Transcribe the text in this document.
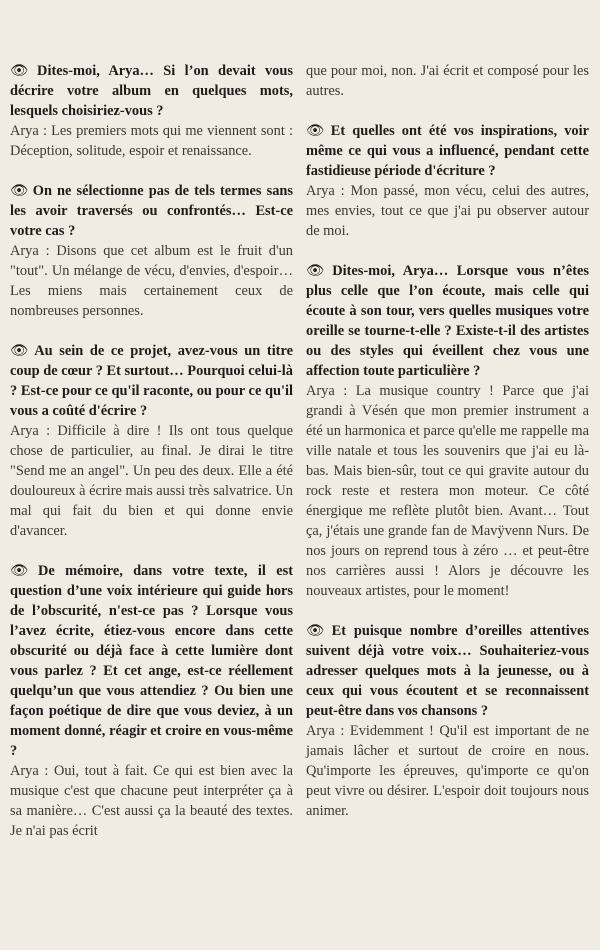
👁 Dites-moi, Arya… Si l’on devait vous décrire votre album en quelques mots, lesquels choisiriez-vous ?

Arya : Les premiers mots qui me viennent sont : Déception, solitude, espoir et renaissance.

👁 On ne sélectionne pas de tels termes sans les avoir traversés ou confrontés… Est-ce votre cas ?

Arya : Disons que cet album est le fruit d'un "tout". Un mélange de vécu, d'envies, d'espoir… Les miens mais certainement ceux de nombreuses personnes.

👁 Au sein de ce projet, avez-vous un titre coup de cœur ? Et surtout… Pourquoi celui-là ? Est-ce pour ce qu'il raconte, ou pour ce qu'il vous a coûté d'écrire ?

Arya : Difficile à dire ! Ils ont tous quelque chose de particulier, au final. Je dirai le titre "Send me an angel". Un peu des deux. Elle a été douloureux à écrire mais aussi très salvatrice. Un mal qui fait du bien et qui donne envie d'avancer.

👁 De mémoire, dans votre texte, il est question d’une voix intérieure qui guide hors de l’obscurité, n'est-ce pas ? Lorsque vous l’avez écrite, étiez-vous encore dans cette obscurité ou déjà face à cette lumière dont vous parlez ? Et cet ange, est-ce réellement quelqu’un que vous attendiez ? Ou bien une façon poétique de dire que vous deviez, à un moment donné, réagir et croire en vous-même ?

Arya : Oui, tout à fait. Ce qui est bien avec la musique c'est que chacune peut interpréter ça à sa manière… C'est aussi ça la beauté des textes. Je n'ai pas écrit

que pour moi, non. J'ai écrit et composé pour les autres.

👁 Et quelles ont été vos inspirations, voir même ce qui vous a influencé, pendant cette fastidieuse période d'écriture ?

Arya : Mon passé, mon vécu, celui des autres, mes envies, tout ce que j'ai pu observer autour de moi.

👁 Dites-moi, Arya… Lorsque vous n’êtes plus celle que l’on écoute, mais celle qui écoute à son tour, vers quelles musiques votre oreille se tourne-t-elle ? Existe-t-il des artistes ou des styles qui éveillent chez vous une affection toute particulière ?

Arya : La musique country ! Parce que j'ai grandi à Vésén que mon premier instrument a été un harmonica et parce qu'elle me rappelle ma ville natale et tous les souvenirs que j'ai eu là-bas. Mais bien-sûr, tout ce qui gravite autour du rock reste et restera mon moteur. Ce côté énergique me reflète plutôt bien. Avant… Tout ça, j'étais une grande fan de Mavÿvenn Nurs. De nos jours on reprend tous à zéro … et peut-être nos carrières aussi ! Alors je découvre les nouveaux artistes, pour le moment!

👁 Et puisque nombre d’oreilles attentives suivent déjà votre voix… Souhaiteriez-vous adresser quelques mots à la jeunesse, ou à ceux qui vous écoutent et se reconnaissent peut-être dans vos chansons ?

Arya : Evidemment ! Qu'il est important de ne jamais lâcher et surtout de croire en nous. Qu'importe les épreuves, qu'importe ce qu'on peut vivre ou désirer. L'espoir doit toujours nous animer.
